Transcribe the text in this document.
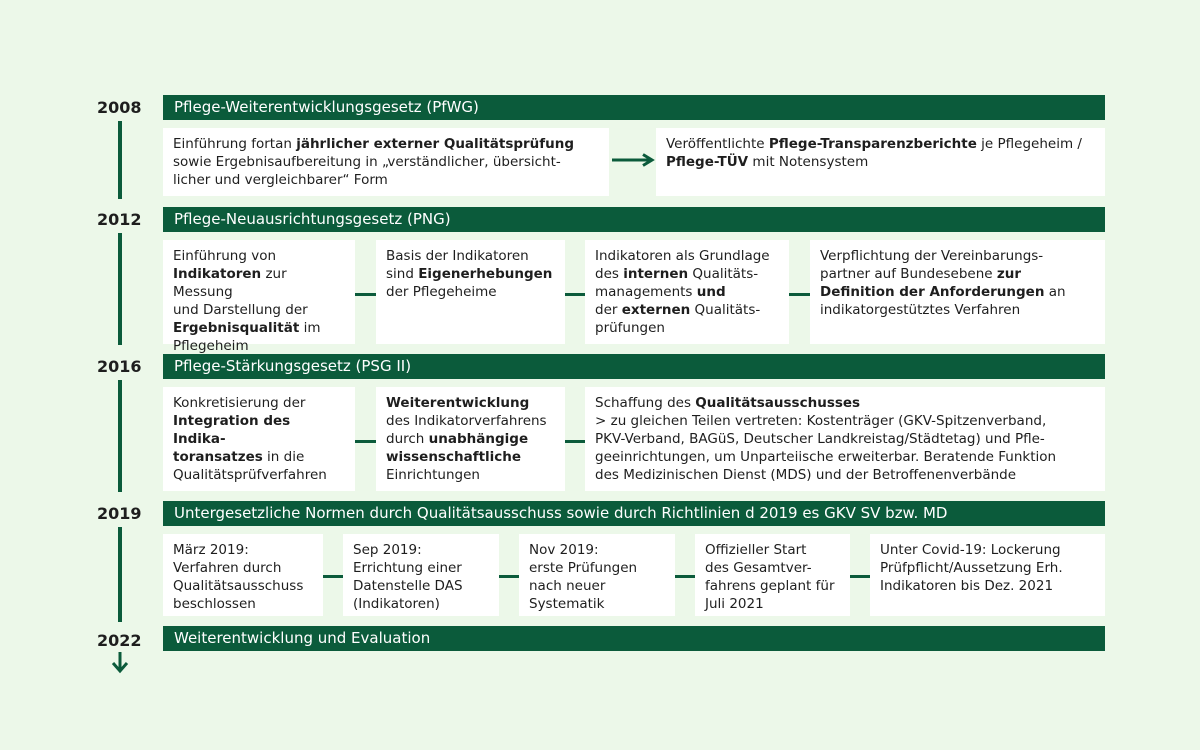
2008	Pflege-Weiterentwicklungsgesetz (PfWG)
Einführung fortan jährlicher externer Qualitätsprüfung
sowie Ergebnisaufbereitung in „verständlicher, übersicht-
licher und vergleichbarer“ Form
Veröffentlichte Pflege-Transparenzberichte je Pflegeheim /
Pflege-TÜV mit Notensystem
2012	Pflege-Neuausrichtungsgesetz (PNG)
Einführung von
Indikatoren zur Messung
und Darstellung der
Ergebnisqualität im
Pflegeheim
Basis der Indikatoren
sind Eigenerhebungen
der Pflegeheime
Indikatoren als Grundlage
des internen Qualitäts-
managements und
der externen Qualitäts-
prüfungen
Verpflichtung der Vereinbarungs-
partner auf Bundesebene zur
Definition der Anforderungen an
indikatorgestütztes Verfahren
2016	Pflege-Stärkungsgesetz (PSG II)
Konkretisierung der
Integration des Indika-
toransatzes in die
Qualitätsprüfverfahren
Weiterentwicklung
des Indikatorverfahrens
durch unabhängige
wissenschaftliche
Einrichtungen
Schaffung des Qualitätsausschusses
> zu gleichen Teilen vertreten: Kostenträger (GKV-Spitzenverband,
PKV-Verband, BAGüS, Deutscher Landkreistag/Städtetag) und Pfle-
geeinrichtungen, um Unparteiische erweiterbar. Beratende Funktion
des Medizinischen Dienst (MDS) und der Betroffenenverbände
2019	Untergesetzliche Normen durch Qualitätsausschuss sowie durch Richtlinien d 2019 es GKV SV bzw. MD
März 2019:
Verfahren durch
Qualitätsausschuss
beschlossen
Sep 2019:
Errichtung einer
Datenstelle DAS
(Indikatoren)
Nov 2019:
erste Prüfungen
nach neuer
Systematik
Offizieller Start
des Gesamtver-
fahrens geplant für
Juli 2021
Unter Covid-19: Lockerung
Prüfpflicht/Aussetzung Erh.
Indikatoren bis Dez. 2021
2022	Weiterentwicklung und Evaluation
